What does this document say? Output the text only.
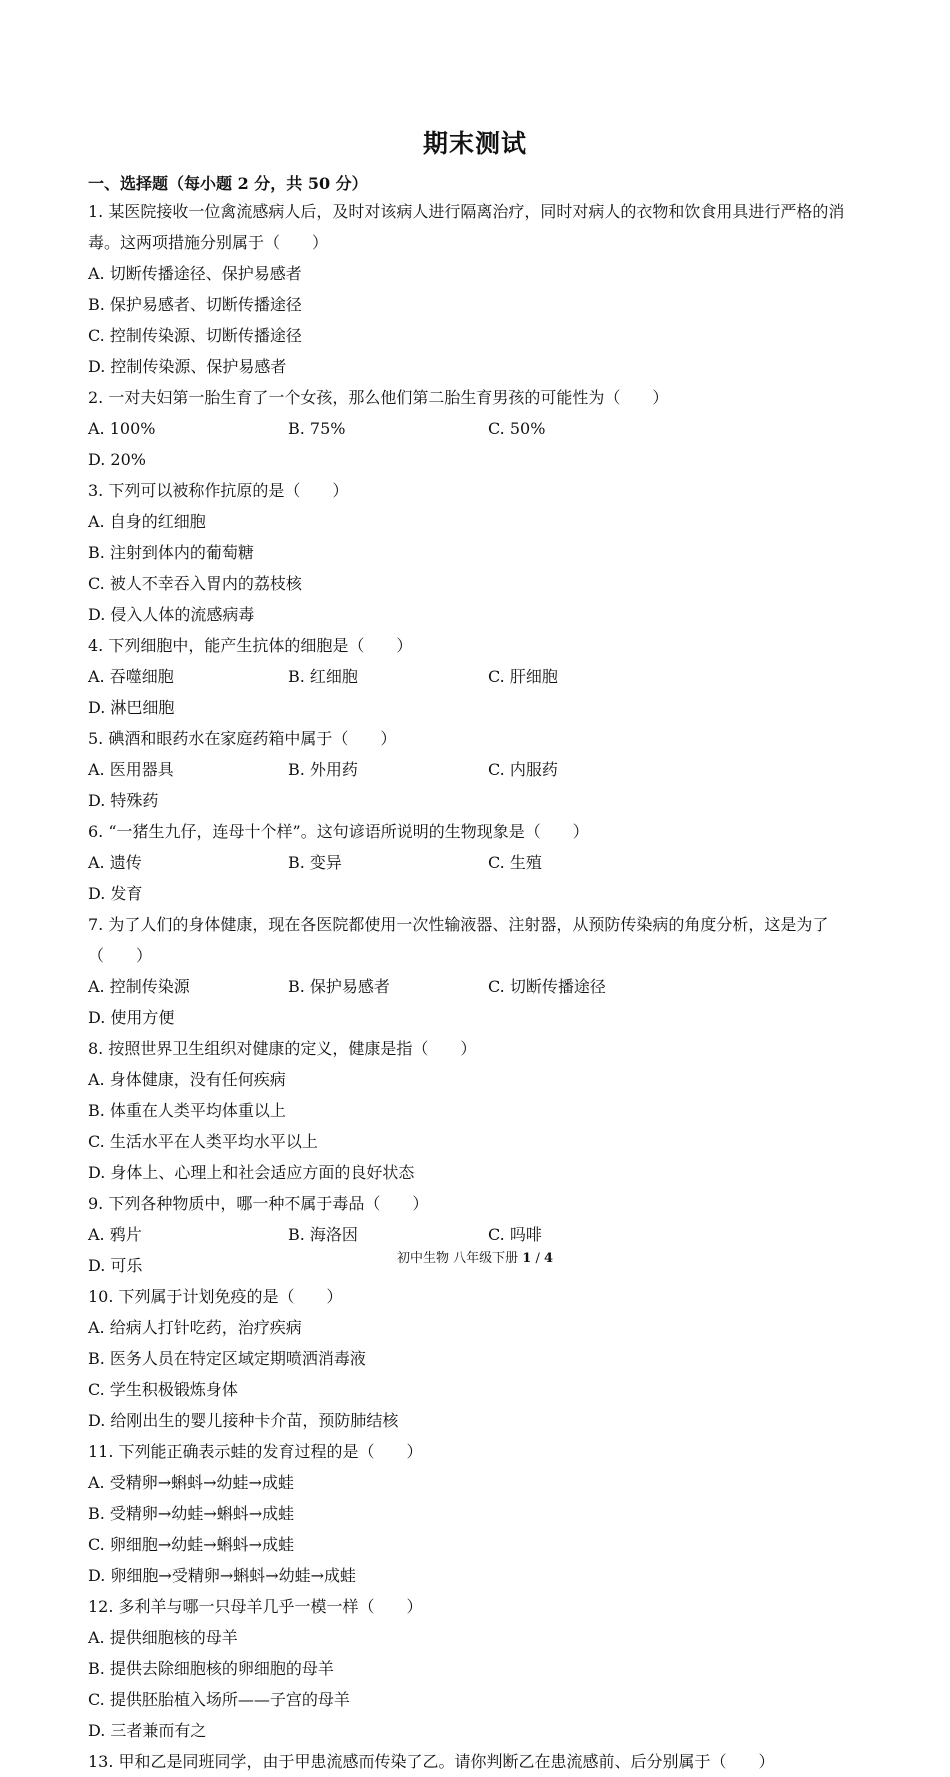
期末测试
一、选择题（每小题 2 分，共 50 分）
1. 某医院接收一位禽流感病人后，及时对该病人进行隔离治疗，同时对病人的衣物和饮食用具进行严格的消毒。这两项措施分别属于（　　）
A. 切断传播途径、保护易感者
B. 保护易感者、切断传播途径
C. 控制传染源、切断传播途径
D. 控制传染源、保护易感者
2. 一对夫妇第一胎生育了一个女孩，那么他们第二胎生育男孩的可能性为（　　）
A. 100%	B. 75%	C. 50%
D. 20%
3. 下列可以被称作抗原的是（　　）
A. 自身的红细胞
B. 注射到体内的葡萄糖
C. 被人不幸吞入胃内的荔枝核
D. 侵入人体的流感病毒
4. 下列细胞中，能产生抗体的细胞是（　　）
A. 吞噬细胞	B. 红细胞	C. 肝细胞
D. 淋巴细胞
5. 碘酒和眼药水在家庭药箱中属于（　　）
A. 医用器具	B. 外用药	C. 内服药
D. 特殊药
6. “一猪生九仔，连母十个样”。这句谚语所说明的生物现象是（　　）
A. 遗传	B. 变异	C. 生殖
D. 发育
7. 为了人们的身体健康，现在各医院都使用一次性输液器、注射器，从预防传染病的角度分析，这是为了（　　）
A. 控制传染源	B. 保护易感者	C. 切断传播途径
D. 使用方便
8. 按照世界卫生组织对健康的定义，健康是指（　　）
A. 身体健康，没有任何疾病
B. 体重在人类平均体重以上
C. 生活水平在人类平均水平以上
D. 身体上、心理上和社会适应方面的良好状态
9. 下列各种物质中，哪一种不属于毒品（　　）
A. 鸦片	B. 海洛因	C. 吗啡
D. 可乐
10. 下列属于计划免疫的是（　　）
A. 给病人打针吃药，治疗疾病
B. 医务人员在特定区域定期喷洒消毒液
C. 学生积极锻炼身体
D. 给刚出生的婴儿接种卡介苗，预防肺结核
11. 下列能正确表示蛙的发育过程的是（　　）
A. 受精卵→蝌蚪→幼蛙→成蛙
B. 受精卵→幼蛙→蝌蚪→成蛙
C. 卵细胞→幼蛙→蝌蚪→成蛙
D. 卵细胞→受精卵→蝌蚪→幼蛙→成蛙
12. 多利羊与哪一只母羊几乎一模一样（　　）
A. 提供细胞核的母羊
B. 提供去除细胞核的卵细胞的母羊
C. 提供胚胎植入场所——子宫的母羊
D. 三者兼而有之
13. 甲和乙是同班同学，由于甲患流感而传染了乙。请你判断乙在患流感前、后分别属于（　　）
初中生物 八年级下册 1 / 4
